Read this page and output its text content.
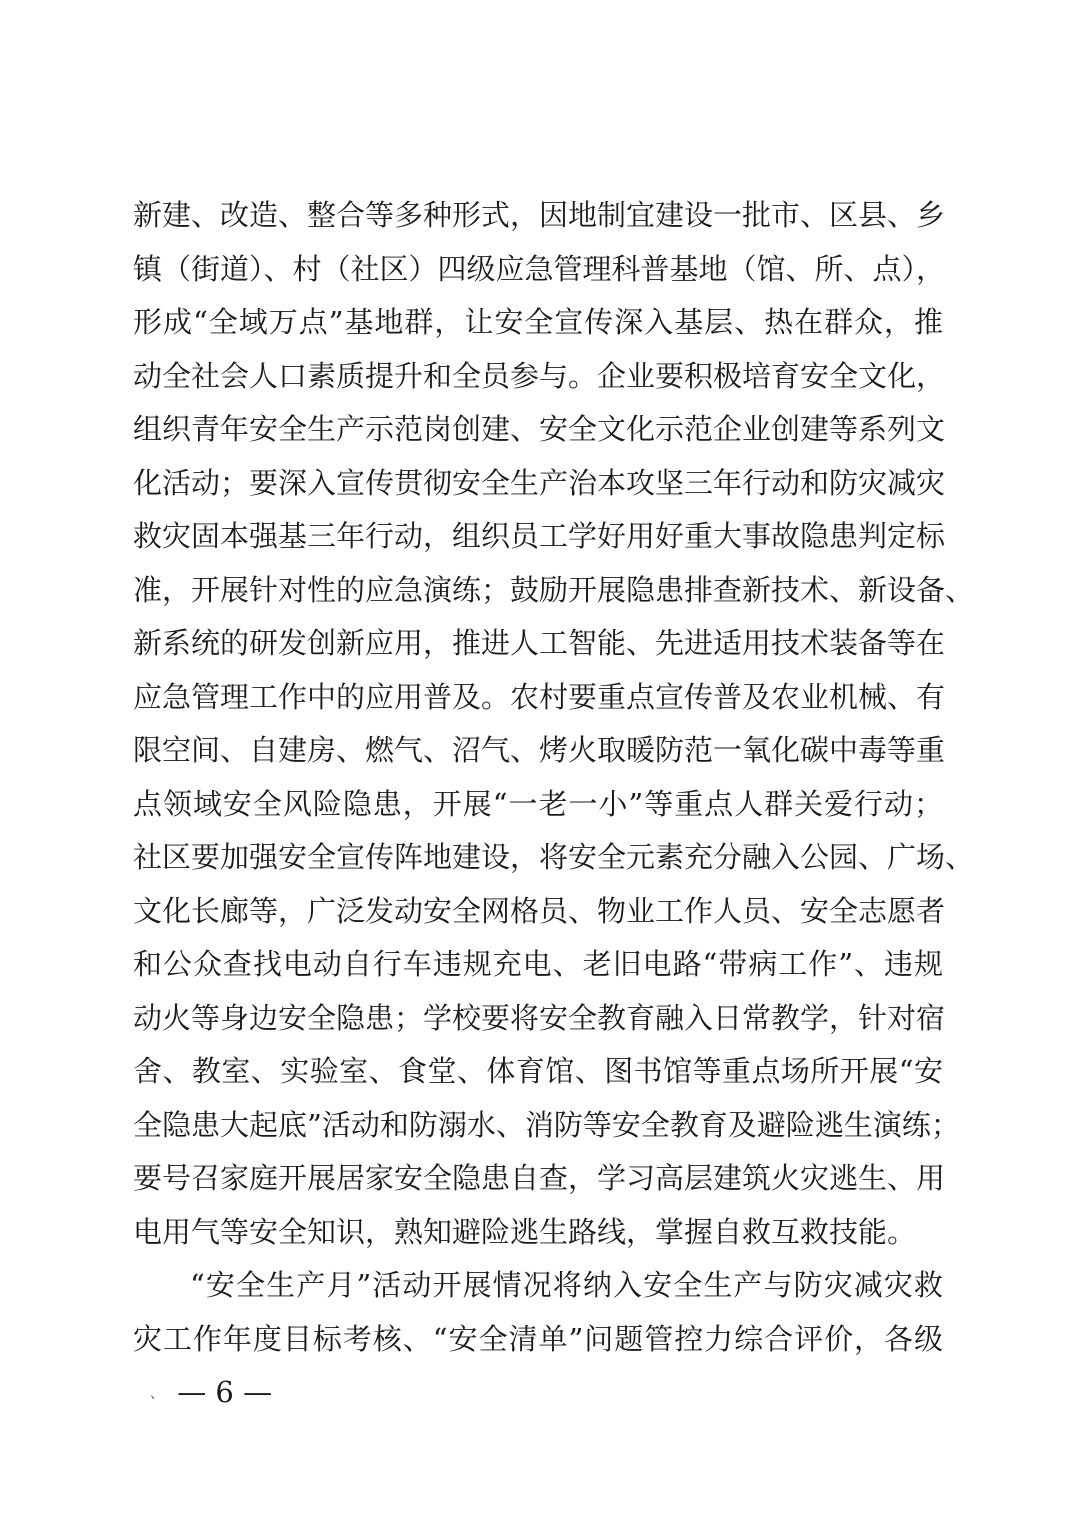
新建、改造、整合等多种形式，因地制宜建设一批市、区县、乡
镇（街道）、村（社区）四级应急管理科普基地（馆、所、点），
形成“全域万点”基地群，让安全宣传深入基层、热在群众，推
动全社会人口素质提升和全员参与。企业要积极培育安全文化，
组织青年安全生产示范岗创建、安全文化示范企业创建等系列文
化活动；要深入宣传贯彻安全生产治本攻坚三年行动和防灾减灾
救灾固本强基三年行动，组织员工学好用好重大事故隐患判定标
准，开展针对性的应急演练；鼓励开展隐患排查新技术、新设备、
新系统的研发创新应用，推进人工智能、先进适用技术装备等在
应急管理工作中的应用普及。农村要重点宣传普及农业机械、有
限空间、自建房、燃气、沼气、烤火取暖防范一氧化碳中毒等重
点领域安全风险隐患，开展“一老一小”等重点人群关爱行动；
社区要加强安全宣传阵地建设，将安全元素充分融入公园、广场、
文化长廊等，广泛发动安全网格员、物业工作人员、安全志愿者
和公众查找电动自行车违规充电、老旧电路“带病工作”、违规
动火等身边安全隐患；学校要将安全教育融入日常教学，针对宿
舍、教室、实验室、食堂、体育馆、图书馆等重点场所开展“安
全隐患大起底”活动和防溺水、消防等安全教育及避险逃生演练；
要号召家庭开展居家安全隐患自查，学习高层建筑火灾逃生、用
电用气等安全知识，熟知避险逃生路线，掌握自救互救技能。
“安全生产月”活动开展情况将纳入安全生产与防灾减灾救
灾工作年度目标考核、“安全清单”问题管控力综合评价，各级
、 — 6 —
